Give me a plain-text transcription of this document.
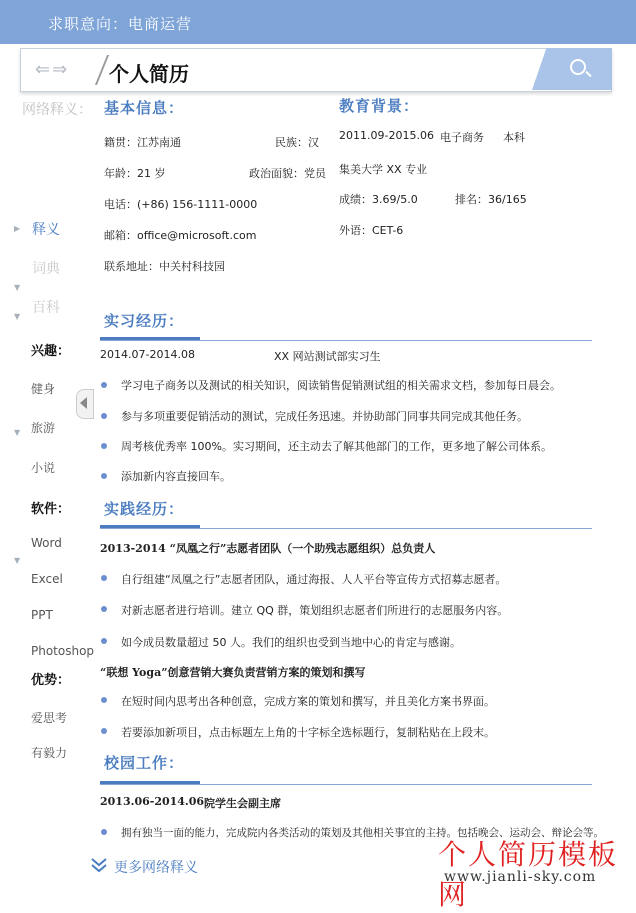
求职意向：电商运营
⇐⇒ 个人简历
网络释义：
▶ 释义
▼
词典
▼
百科
兴趣：
健身
▼ 旅游
小说
软件：
▼
Word
Excel
PPT
Photoshop
优势：
爱思考
有毅力
基本信息：
籍贯：江苏南通	民族：汉
年龄：21 岁	政治面貌：党员
电话：(+86) 156-1111-0000
邮箱：office@microsoft.com
联系地址：中关村科技园
教育背景：
2011.09-2015.06 电子商务 本科
集美大学 XX 专业
成绩：3.69/5.0	排名：36/165
外语：CET-6
实习经历：
2014.07-2014.08	XX 网站测试部实习生
学习电子商务以及测试的相关知识，阅读销售促销测试组的相关需求文档，参加每日晨会。
参与多项重要促销活动的测试，完成任务迅速。并协助部门同事共同完成其他任务。
周考核优秀率 100%。实习期间，还主动去了解其他部门的工作，更多地了解公司体系。
添加新内容直接回车。
实践经历：
2013-2014 “凤凰之行”志愿者团队（一个助残志愿组织）总负责人
自行组建“凤凰之行”志愿者团队，通过海报、人人平台等宣传方式招募志愿者。
对新志愿者进行培训。建立 QQ 群，策划组织志愿者们所进行的志愿服务内容。
如今成员数量超过 50 人。我们的组织也受到当地中心的肯定与感谢。
“联想 Yoga”创意营销大赛负责营销方案的策划和撰写
在短时间内思考出各种创意，完成方案的策划和撰写，并且美化方案书界面。
若要添加新项目，点击标题左上角的十字标全选标题行，复制粘贴在上段末。
校园工作：
2013.06-2014.06 院学生会副主席
拥有独当一面的能力，完成院内各类活动的策划及其他相关事宜的主持。包括晚会、运动会、辩论会等。
更多网络释义	个人简历模板网
www.jianli-sky.com
